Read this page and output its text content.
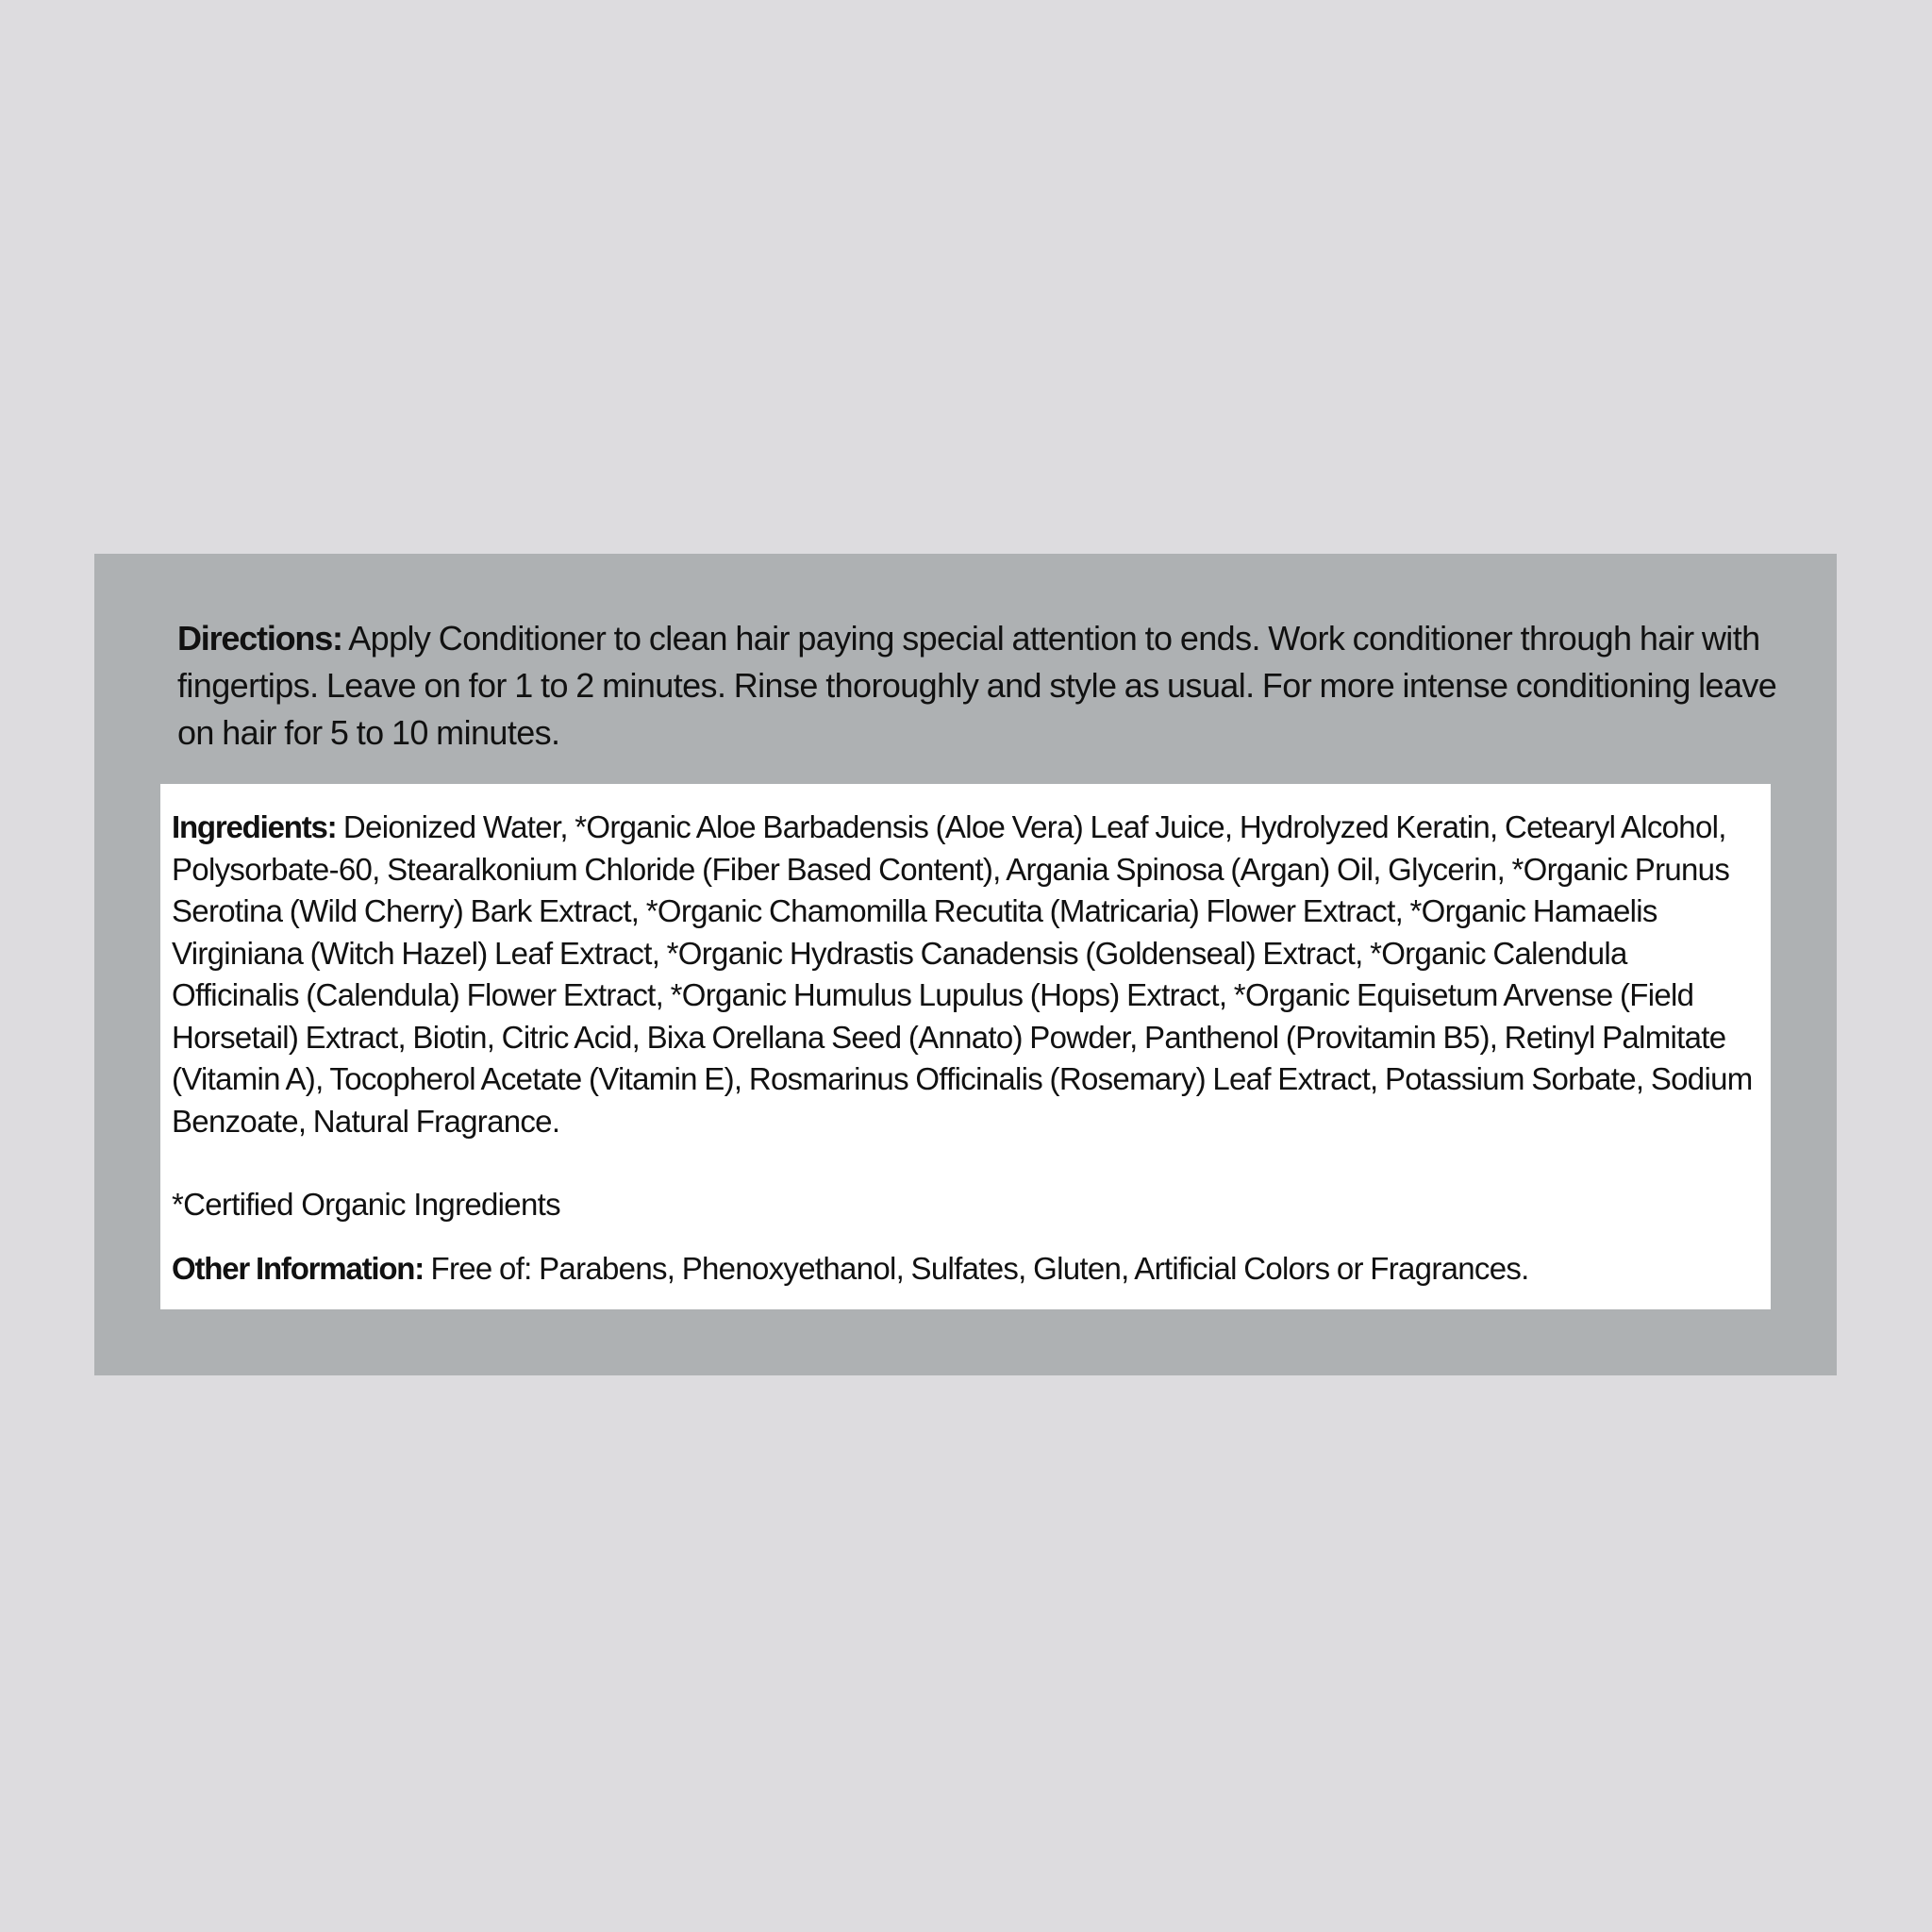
Directions: Apply Conditioner to clean hair paying special attention to ends. Work conditioner through hair with fingertips. Leave on for 1 to 2 minutes. Rinse thoroughly and style as usual. For more intense conditioning leave on hair for 5 to 10 minutes.

Ingredients: Deionized Water, *Organic Aloe Barbadensis (Aloe Vera) Leaf Juice, Hydrolyzed Keratin, Cetearyl Alcohol, Polysorbate-60, Stearalkonium Chloride (Fiber Based Content), Argania Spinosa (Argan) Oil, Glycerin, *Organic Prunus Serotina (Wild Cherry) Bark Extract, *Organic Chamomilla Recutita (Matricaria) Flower Extract, *Organic Hamaelis Virginiana (Witch Hazel) Leaf Extract, *Organic Hydrastis Canadensis (Goldenseal) Extract, *Organic Calendula Officinalis (Calendula) Flower Extract, *Organic Humulus Lupulus (Hops) Extract, *Organic Equisetum Arvense (Field Horsetail) Extract, Biotin, Citric Acid, Bixa Orellana Seed (Annato) Powder, Panthenol (Provitamin B5), Retinyl Palmitate (Vitamin A), Tocopherol Acetate (Vitamin E), Rosmarinus Officinalis (Rosemary) Leaf Extract, Potassium Sorbate, Sodium Benzoate, Natural Fragrance.

*Certified Organic Ingredients

Other Information: Free of: Parabens, Phenoxyethanol, Sulfates, Gluten, Artificial Colors or Fragrances.
